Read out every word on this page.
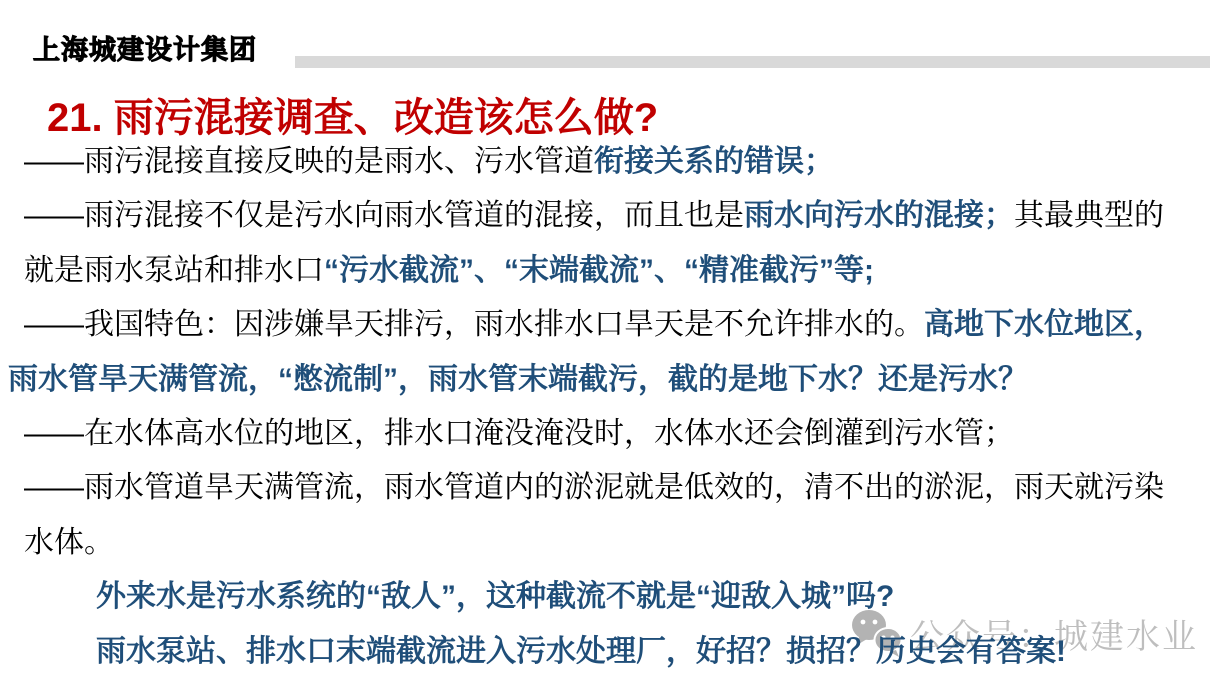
上海城建设计集团
21. 雨污混接调查、改造该怎么做?
——雨污混接直接反映的是雨水、污水管道衔接关系的错误；
——雨污混接不仅是污水向雨水管道的混接，而且也是雨水向污水的混接；其最典型的
就是雨水泵站和排水口“污水截流”、“末端截流”、“精准截污”等;
——我国特色：因涉嫌旱天排污，雨水排水口旱天是不允许排水的。高地下水位地区，
雨水管旱天满管流，“憋流制”，雨水管末端截污，截的是地下水？还是污水？
——在水体高水位的地区，排水口淹没淹没时，水体水还会倒灌到污水管；
——雨水管道旱天满管流，雨水管道内的淤泥就是低效的，清不出的淤泥，雨天就污染
水体。
外来水是污水系统的“敌人”，这种截流不就是“迎敌入城”吗?
雨水泵站、排水口末端截流进入污水处理厂，好招？损招？历史会有答案!
公众号：城建水业
